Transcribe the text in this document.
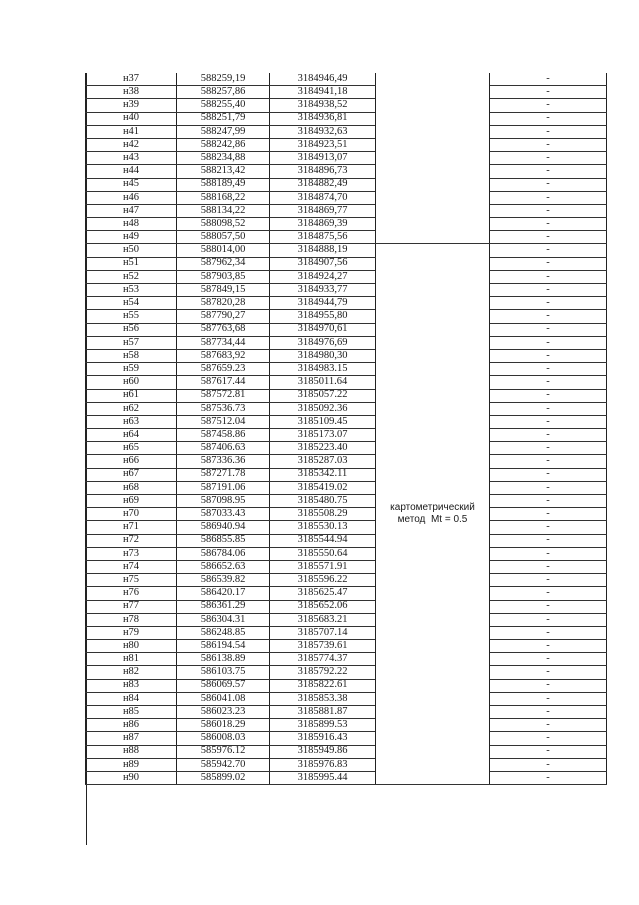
н37	588259,19	3184946,49		-
н38	588257,86	3184941,18		-
н39	588255,40	3184938,52		-
н40	588251,79	3184936,81		-
н41	588247,99	3184932,63		-
н42	588242,86	3184923,51		-
н43	588234,88	3184913,07		-
н44	588213,42	3184896,73		-
н45	588189,49	3184882,49		-
н46	588168,22	3184874,70		-
н47	588134,22	3184869,77		-
н48	588098,52	3184869,39		-
н49	588057,50	3184875,56		-
н50	588014,00	3184888,19	картометрический
метод  Mt = 0.5	-
н51	587962,34	3184907,56		-
н52	587903,85	3184924,27		-
н53	587849,15	3184933,77		-
н54	587820,28	3184944,79		-
н55	587790,27	3184955,80		-
н56	587763,68	3184970,61		-
н57	587734,44	3184976,69		-
н58	587683,92	3184980,30		-
н59	587659.23	3184983.15		-
н60	587617.44	3185011.64		-
н61	587572.81	3185057.22		-
н62	587536.73	3185092.36		-
н63	587512.04	3185109.45		-
н64	587458.86	3185173.07		-
н65	587406.63	3185223.40		-
н66	587336.36	3185287.03		-
н67	587271.78	3185342.11		-
н68	587191.06	3185419.02		-
н69	587098.95	3185480.75		-
н70	587033.43	3185508.29		-
н71	586940.94	3185530.13		-
н72	586855.85	3185544.94		-
н73	586784.06	3185550.64		-
н74	586652.63	3185571.91		-
н75	586539.82	3185596.22		-
н76	586420.17	3185625.47		-
н77	586361.29	3185652.06		-
н78	586304.31	3185683.21		-
н79	586248.85	3185707.14		-
н80	586194.54	3185739.61		-
н81	586138.89	3185774.37		-
н82	586103.75	3185792.22		-
н83	586069.57	3185822.61		-
н84	586041.08	3185853.38		-
н85	586023.23	3185881.87		-
н86	586018.29	3185899.53		-
н87	586008.03	3185916.43		-
н88	585976.12	3185949.86		-
н89	585942.70	3185976.83		-
н90	585899.02	3185995.44		-
